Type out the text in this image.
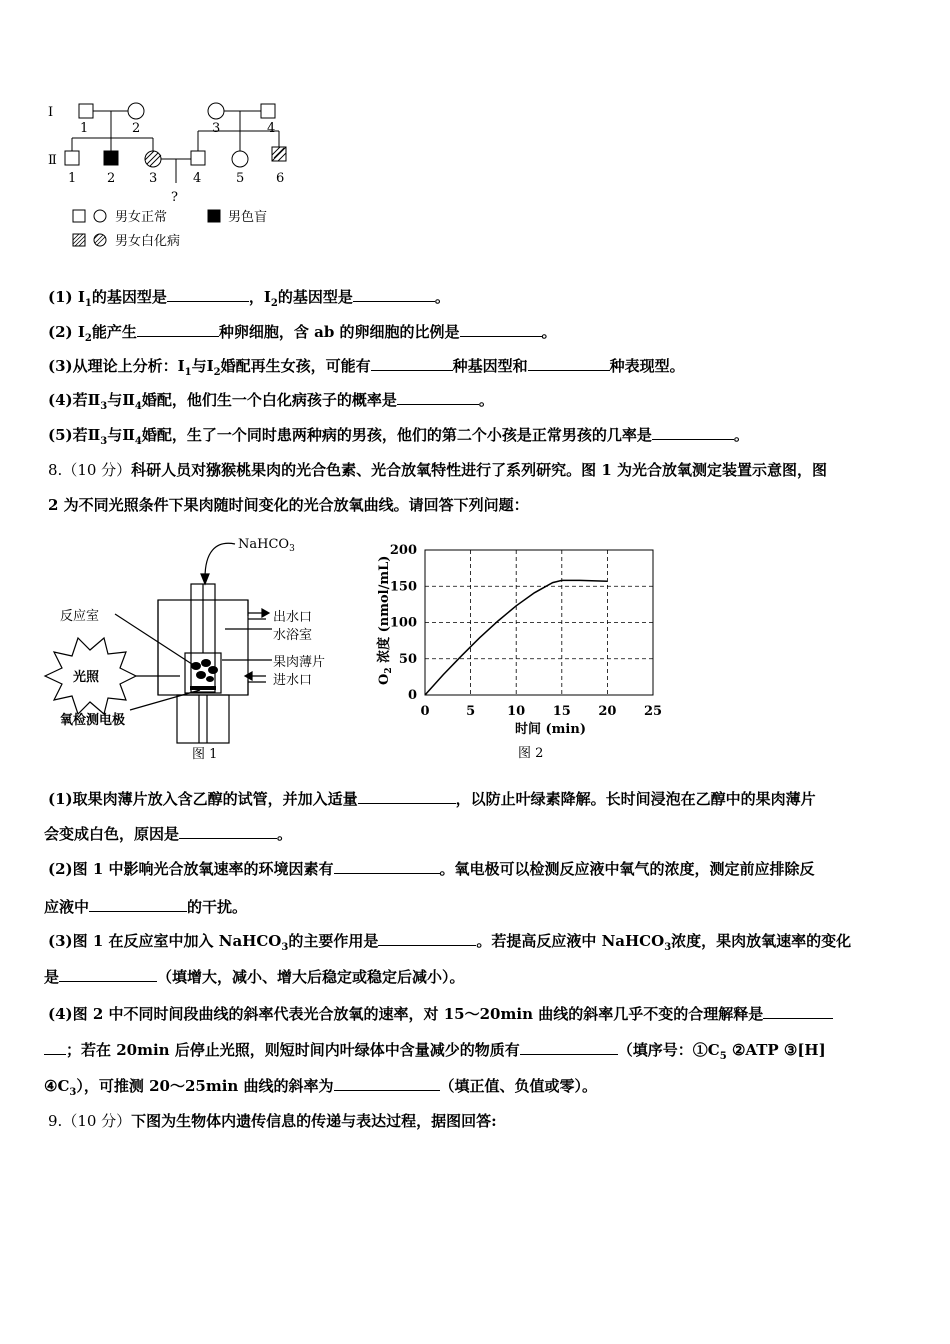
Ⅰ
Ⅱ
1	2	3	4
1 2	3	4	5 6
?
男女正常	男色盲
男女白化病
(1) $Ⅰ_1$的基因型是	，$Ⅰ_2$的基因型是	。
(2) $Ⅰ_2$能产生	种卵细胞，含 ab 的卵细胞的比例是	。
(3)从理论上分析：$Ⅰ_1$与$Ⅰ_2$婚配再生女孩，可能有	种基因型和	种表现型。
(4)若$Ⅱ_3$与$Ⅱ_4$婚配，他们生一个白化病孩子的概率是	。
(5)若$Ⅱ_3$与$Ⅱ_4$婚配，生了一个同时患两种病的男孩，他们的第二个小孩是正常男孩的几率是	。
8.（10 分）科研人员对猕猴桃果肉的光合色素、光合放氧特性进行了系列研究。图 1 为光合放氧测定装置示意图，图
2 为不同光照条件下果肉随时间变化的光合放氧曲线。请回答下列问题：
NaHCO$_3$
反应室
光照
氧检测电极
出水口
水浴室
果肉薄片
进水口
图 1
0
50
100
150
200
0	5 10 15 20 25
时间 (min)
$O_2$ 浓度 (nmol/mL)
图 2
(1)取果肉薄片放入含乙醇的试管，并加入适量	，以防止叶绿素降解。长时间浸泡在乙醇中的果肉薄片
会变成白色，原因是	。
(2)图 1 中影响光合放氧速率的环境因素有	。氧电极可以检测反应液中氧气的浓度，测定前应排除反
应液中	的干扰。
(3)图 1 在反应室中加入 NaHCO$_3$的主要作用是	。若提高反应液中 NaHCO$_3$浓度，果肉放氧速率的变化
是	（填增大，减小、增大后稳定或稳定后减小）。
(4)图 2 中不同时间段曲线的斜率代表光合放氧的速率，对 15～20min 曲线的斜率几乎不变的合理解释是
；若在 20min 后停止光照，则短时间内叶绿体中含量减少的物质有	（填序号：$①C_5$ ②ATP ③[H]
$④C_3$），可推测 20～25min 曲线的斜率为	（填正值、负值或零）。
9.（10 分）下图为生物体内遗传信息的传递与表达过程，据图回答:
